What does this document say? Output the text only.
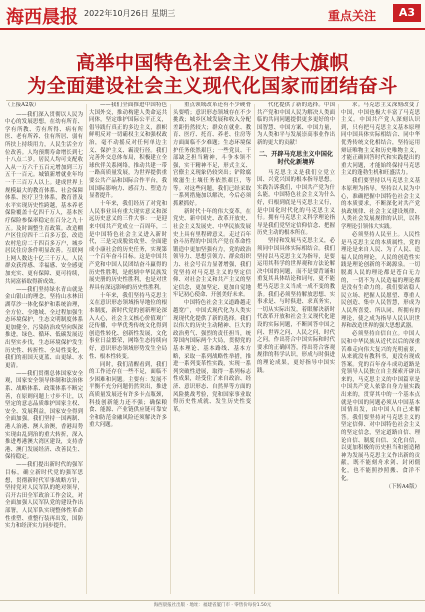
海西晨报 2022年10月26日 星期三	重点关注	A3
高举中国特色社会主义伟大旗帜
为全面建设社会主义现代化国家而团结奋斗

（上接A2版）

——我们深入贯彻以人民为中心的发展思想，在幼有所育、学有所教、劳有所得、病有所医、老有所养、住有所居、弱有所扶上持续用力，人民生活全方位改善。人均预期寿命增长到七十八点二岁。居民人均可支配收入从一万六千五百元增加到三万五千一百元。城镇新增就业年均一千三百万人以上。建成世界上规模最大的教育体系、社会保障体系、医疗卫生体系，教育普及水平实现历史性跨越，基本养老保险覆盖十亿四千万人，基本医疗保险参保率稳定在百分之九十五。及时调整生育政策。改造棚户区住房四千二百多万套，改造农村危房二千四百多万户，城乡居民住房条件明显改善。互联网上网人数达十亿三千万人。人民群众获得感、幸福感、安全感更加充实、更有保障、更可持续，共同富裕取得新成效。

——我们坚持绿水青山就是金山银山的理念，坚持山水林田湖草沙一体化保护和系统治理，全方位、全地域、全过程加强生态环境保护，生态文明制度体系更加健全，污染防治攻坚向纵深推进，绿色、循环、低碳发展迈出坚实步伐，生态环境保护发生历史性、转折性、全局性变化，我们的祖国天更蓝、山更绿、水更清。

——我们贯彻总体国家安全观，国家安全领导体制和法治体系、战略体系、政策体系不断完善，在原则问题上寸步不让，以坚定的意志品质维护国家主权、安全、发展利益，国家安全得到全面加强。我们坚持一国两制、港人治港、澳人治澳，香港局势实现由乱到治的重大转折，深入推进粤港澳大湾区建设，支持香港、澳门发展经济、改善民生、保持稳定。

——我们提出新时代的强军目标，确立新时代党的强军思想，贯彻新时代军事战略方针，坚持党对人民军队的绝对领导，召开古田全军政治工作会议，对全面加强人民军队党的建设作出部署，人民军队实现整体性革命性重塑、重整行装再出发，国防实力和经济实力同步提升。

——我们全面推进中国特色大国外交，推动构建人类命运共同体，坚定维护国际公平正义，倡导践行真正的多边主义，旗帜鲜明反对一切霸权主义和强权政治，毫不动摇反对任何单边主义、保护主义、霸凌行径。我们完善外交总体布局，积极建立全球伙伴关系网络，推动共建一带一路高质量发展，为世界提供重要公共产品和国际合作平台，我国国际影响力、感召力、塑造力显著提升。

十年来，我们经历了对党和人民事业具有重大现实意义和深远历史意义的三件大事：一是迎来中国共产党成立一百周年，二是中国特色社会主义进入新时代，三是完成脱贫攻坚、全面建成小康社会的历史任务，实现第一个百年奋斗目标。这是中国共产党和中国人民团结奋斗赢得的历史性胜利，是彪炳中华民族发展史册的历史性胜利，也是对世界具有深远影响的历史性胜利。

十年来，我们坚持马克思主义在意识形态领域指导地位的根本制度，新时代党的创新理论深入人心，社会主义核心价值观广泛传播，中华优秀传统文化得到创造性转化、创新性发展，文化事业日益繁荣，网络生态持续向好，意识形态领域形势发生全局性、根本性转变。

同时，我们清醒看到，我们的工作还存在一些不足，面临不少困难和问题。主要有：发展不平衡不充分问题仍然突出，推进高质量发展还有许多卡点瓶颈，科技创新能力还不强；确保粮食、能源、产业链供应链可靠安全和防范金融风险还须解决许多重大问题。

重点领域改革还有不少硬骨头要啃；意识形态领域存在不少挑战；城乡区域发展和收入分配差距仍然较大；群众在就业、教育、医疗、托育、养老、住房等方面面临不少难题；生态环境保护任务依然艰巨；一些党员、干部缺乏担当精神，斗争本领不强，实干精神不足，形式主义、官僚主义现象仍较突出；铲除腐败滋生土壤任务依然艰巨，等等。对这些问题，我们已经采取一系列措施加以解决，今后必须抓紧抓好。

新时代十年的伟大变革，在党史、新中国史、改革开放史、社会主义发展史、中华民族发展史上具有里程碑意义。走过百年奋斗历程的中国共产党在革命性锻造中更加坚强有力，党的政治领导力、思想引领力、群众组织力、社会号召力显著增强，我们党坚持对马克思主义的坚定信仰、对社会主义和共产主义的坚定信念，更加坚定、更加自觉地牢记初心使命、开创美好未来。

中国特色社会主义道路越走越宽广，中国式现代化为人类实现现代化提供了新的选择。我们以伟大的历史主动精神、巨大的政治勇气、强烈的责任担当，统筹国内国际两个大局，贯彻党的基本理论、基本路线、基本方略，采取一系列战略性举措，推进一系列变革性实践，实现一系列突破性进展，取得一系列标志性成果，经受住了来自政治、经济、意识形态、自然界等方面的风险挑战考验，党和国家事业取得历史性成就、发生历史性变革。

代化提供了新的选择。中国共产党和中国人民为解决人类面临的共同问题提供更多更好的中国智慧、中国方案、中国力量，为人类和平与发展崇高事业作出新的更大的贡献！

二、开辟马克思主义中国化时代化新境界

马克思主义是我们立党立国、兴党兴国的根本指导思想。实践告诉我们，中国共产党为什么能，中国特色社会主义为什么好，归根到底是马克思主义行，是中国化时代化的马克思主义行。拥有马克思主义科学理论指导是我们党坚定信仰信念、把握历史主动的根本所在。

坚持和发展马克思主义，必须同中国具体实际相结合。我们坚持以马克思主义为指导，是要运用其科学的世界观和方法论解决中国的问题，而不是要背诵和重复其具体结论和词句，更不能把马克思主义当成一成不变的教条。我们必须坚持解放思想、实事求是、与时俱进、求真务实，一切从实际出发，着眼解决新时代改革开放和社会主义现代化建设的实际问题，不断回答中国之问、世界之问、人民之问、时代之问，作出符合中国实际和时代要求的正确回答，得出符合客观规律的科学认识，形成与时俱进的理论成果，更好指导中国实践。

求。马克思主义深刻改变了中国，中国也极大丰富了马克思主义。中国共产党人深刻认识到，只有把马克思主义基本原理同中国具体实际相结合、同中华优秀传统文化相结合，坚持运用辩证唯物主义和历史唯物主义，才能正确回答时代和实践提出的重大问题，才能始终保持马克思主义的蓬勃生机和旺盛活力。

我们要坚持以马克思主义基本原理为指导，坚持以人民为中心，准确把握中国特色社会主义的本质要求，不断深化对共产党执政规律、社会主义建设规律、人类社会发展规律的认识，以科学理论引领伟大实践。

必须坚持人民至上。人民性是马克思主义的本质属性，党的理论是来自人民、为了人民、造福人民的理论，人民的创造性实践是理论创新的不竭源泉。一切脱离人民的理论都是苍白无力的，一切不为人民造福的理论都是没有生命力的。我们要站稳人民立场、把握人民愿望、尊重人民创造、集中人民智慧，形成为人民所喜爱、所认同、所拥有的理论，使之成为指导人民认识世界和改造世界的强大思想武器。

必须坚持自信自立。中国人民和中华民族从近代以后的深重苦难走向伟大复兴的光明前景，从来就没有教科书，更没有现成答案。党的百年奋斗成功道路是党领导人民独立自主探索开辟出来的，马克思主义的中国篇章是中国共产党人依靠自身力量实践出来的，贯穿其中的一个基本点就是中国的问题必须从中国基本国情出发，由中国人自己来解答。我们要坚持对马克思主义的坚定信仰、对中国特色社会主义的坚定信念，坚定道路自信、理论自信、制度自信、文化自信，以更加积极的历史担当和创造精神为发展马克思主义作出新的贡献，既不能刻舟求剑、封闭僵化，也不能照抄照搬、食洋不化。

（下转A4版）

海西晨报社出版 · 地址：福建省厦门市 · 零售价每份1.50元
